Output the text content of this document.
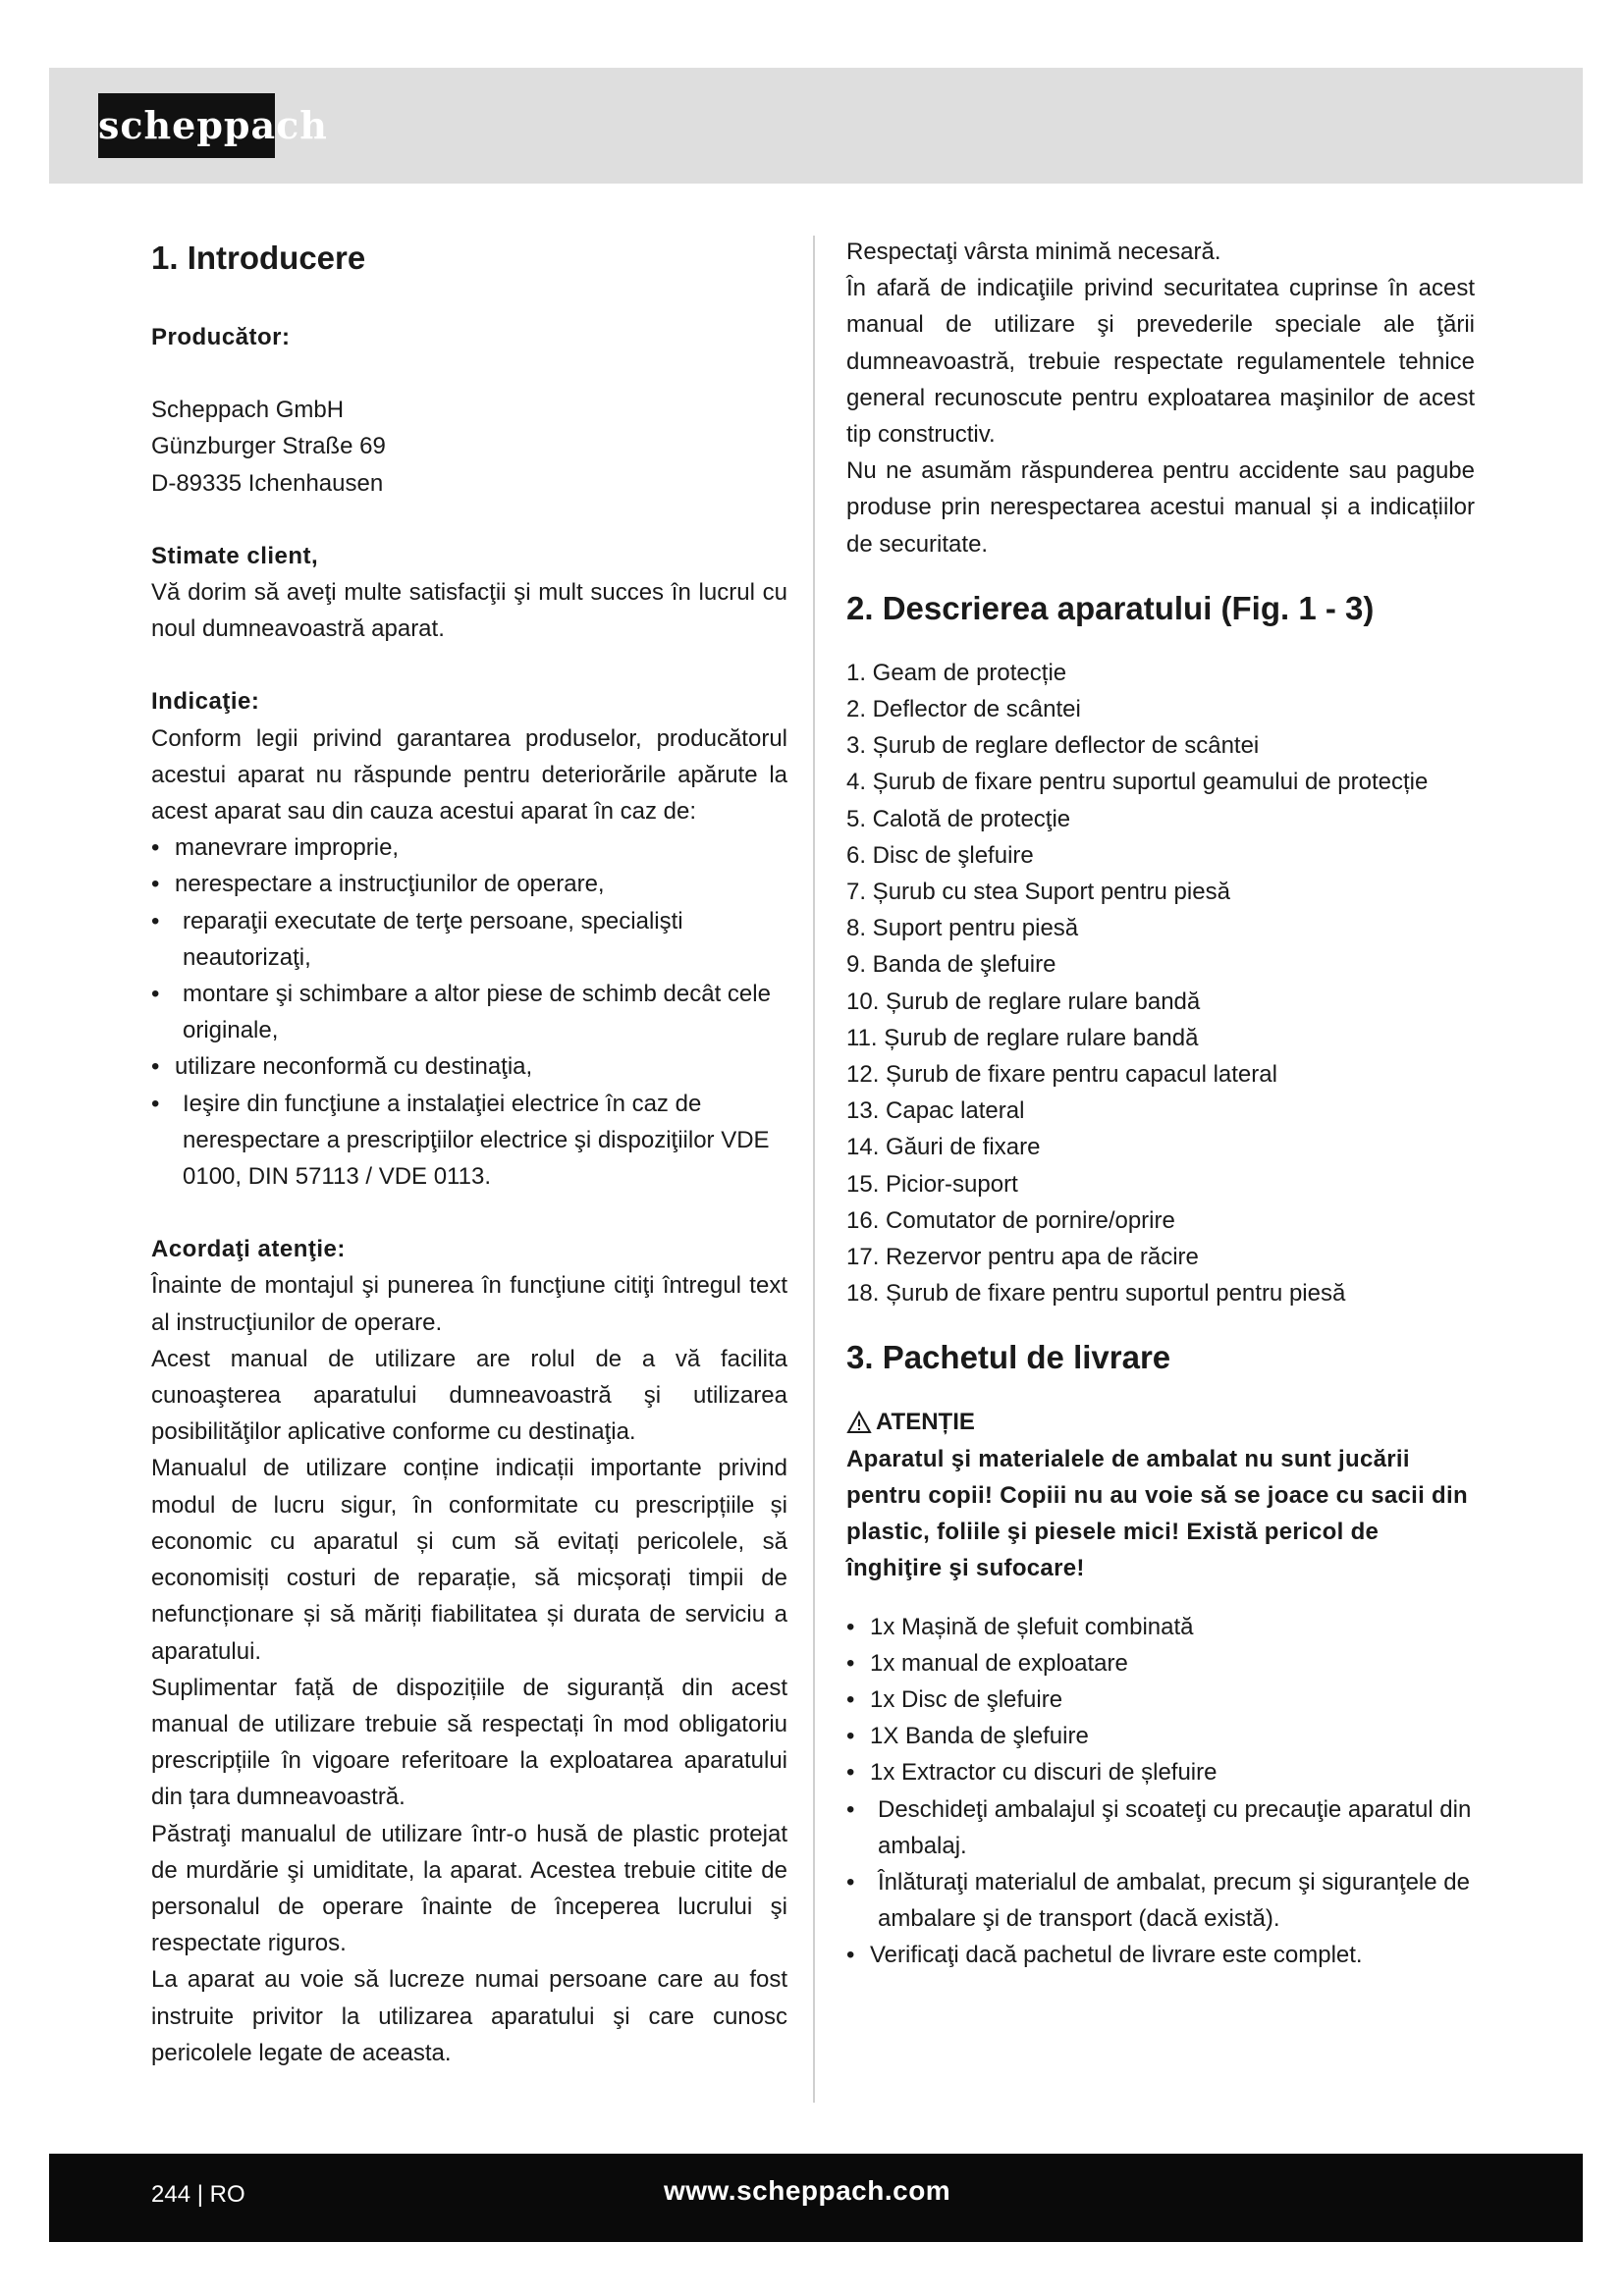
scheppach
1. Introducere
Producător:

Scheppach GmbH

Günzburger Straße 69

D-89335 Ichenhausen

Stimate client,

Vă dorim să aveţi multe satisfacţii şi mult succes în lucrul cu noul dumneavoastră aparat.

Indicaţie:

Conform legii privind garantarea produselor, producătorul acestui aparat nu răspunde pentru deteriorările apărute la acest aparat sau din cauza acestui aparat în caz de:

• manevrare improprie,
• nerespectare a instrucţiunilor de operare,
• reparaţii executate de terţe persoane, specialişti neautorizaţi,
• montare şi schimbare a altor piese de schimb decât cele originale,
• utilizare neconformă cu destinaţia,
• Ieşire din funcţiune a instalaţiei electrice în caz de nerespectare a prescripţiilor electrice şi dispoziţiilor VDE 0100, DIN 57113 / VDE 0113.
Acordaţi atenţie:

Înainte de montajul şi punerea în funcţiune citiţi întregul text al instrucţiunilor de operare.

Acest manual de utilizare are rolul de a vă facilita cunoaşterea aparatului dumneavoastră şi utilizarea posibilităţilor aplicative conforme cu destinaţia.

Manualul de utilizare conține indicații importante privind modul de lucru sigur, în conformitate cu prescripțiile și economic cu aparatul și cum să evitați pericolele, să economisiți costuri de reparație, să micșorați timpii de nefuncționare și să măriți fiabilitatea și durata de serviciu a aparatului.

Suplimentar față de dispozițiile de siguranță din acest manual de utilizare trebuie să respectați în mod obligatoriu prescripțiile în vigoare referitoare la exploatarea aparatului din țara dumneavoastră.

Păstraţi manualul de utilizare într-o husă de plastic protejat de murdărie şi umiditate, la aparat. Acestea trebuie citite de personalul de operare înainte de începerea lucrului şi respectate riguros.

La aparat au voie să lucreze numai persoane care au fost instruite privitor la utilizarea aparatului şi care cunosc pericolele legate de aceasta.

Respectaţi vârsta minimă necesară.

În afară de indicaţiile privind securitatea cuprinse în acest manual de utilizare şi prevederile speciale ale ţării dumneavoastră, trebuie respectate regulamentele tehnice general recunoscute pentru exploatarea maşinilor de acest tip constructiv.

Nu ne asumăm răspunderea pentru accidente sau pagube produse prin nerespectarea acestui manual și a indicațiilor de securitate.

2. Descrierea aparatului (Fig. 1 - 3)
1. Geam de protecție
2. Deflector de scântei
3. Șurub de reglare deflector de scântei
4. Șurub de fixare pentru suportul geamului de protecție
5. Calotă de protecţie
6. Disc de şlefuire
7. Șurub cu stea Suport pentru piesă
8. Suport pentru piesă
9. Banda de şlefuire
10. Șurub de reglare rulare bandă
11. Șurub de reglare rulare bandă
12. Șurub de fixare pentru capacul lateral
13. Capac lateral
14. Găuri de fixare
15. Picior-suport
16. Comutator de pornire/oprire
17. Rezervor pentru apa de răcire
18. Șurub de fixare pentru suportul pentru piesă
3. Pachetul de livrare
ATENȚIE

Aparatul şi materialele de ambalat nu sunt jucării pentru copii! Copiii nu au voie să se joace cu sacii din plastic, foliile şi piesele mici! Există pericol de înghiţire şi sufocare!

• 1x Mașină de șlefuit combinată
• 1x manual de exploatare
• 1x Disc de şlefuire
• 1X Banda de şlefuire
• 1x Extractor cu discuri de șlefuire
• Deschideţi ambalajul şi scoateţi cu precauţie aparatul din ambalaj.
• Înlăturaţi materialul de ambalat, precum şi siguranţele de ambalare şi de transport (dacă există).
• Verificaţi dacă pachetul de livrare este complet.
244 | RO	www.scheppach.com
